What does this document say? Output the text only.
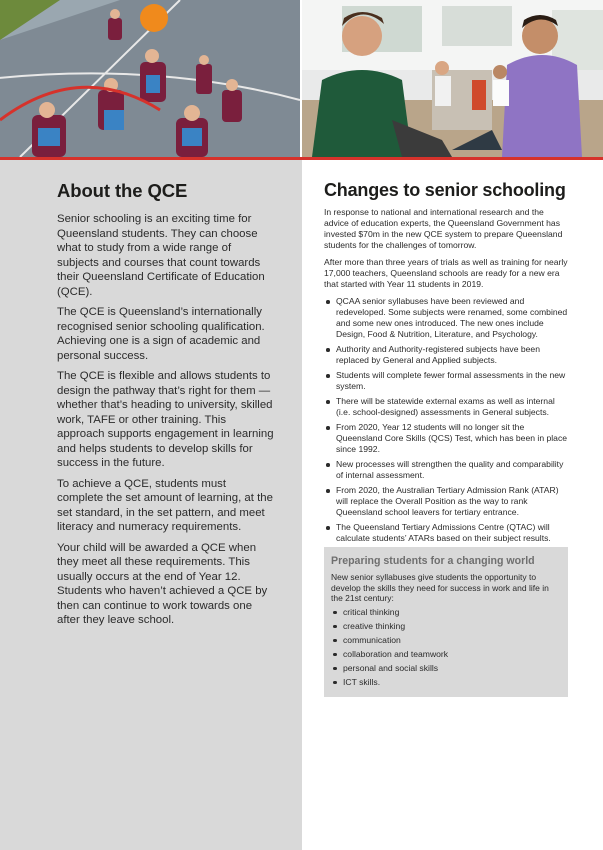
About the QCE

Senior schooling is an exciting time for Queensland students. They can choose what to study from a wide range of subjects and courses that count towards their Queensland Certificate of Education (QCE).

The QCE is Queensland’s internationally recognised senior schooling qualification. Achieving one is a sign of academic and personal success.

The QCE is flexible and allows students to design the pathway that’s right for them — whether that’s heading to university, skilled work, TAFE or other training. This approach supports engagement in learning and helps students to develop skills for success in the future.

To achieve a QCE, students must complete the set amount of learning, at the set standard, in the set pattern, and meet literacy and numeracy requirements.

Your child will be awarded a QCE when they meet all these requirements. This usually occurs at the end of Year 12. Students who haven’t achieved a QCE by then can continue to work towards one after they leave school.

Changes to senior schooling

In response to national and international research and the advice of education experts, the Queensland Government has invested $70m in the new QCE system to prepare Queensland students for the challenges of tomorrow.

After more than three years of trials as well as training for nearly 17,000 teachers, Queensland schools are ready for a new era that started with Year 11 students in 2019.

QCAA senior syllabuses have been reviewed and redeveloped. Some subjects were renamed, some combined and some new ones introduced. The new ones include Design, Food & Nutrition, Literature, and Psychology.
Authority and Authority-registered subjects have been replaced by General and Applied subjects.
Students will complete fewer formal assessments in the new system.
There will be statewide external exams as well as internal (i.e. school-designed) assessments in General subjects.
From 2020, Year 12 students will no longer sit the Queensland Core Skills (QCS) Test, which has been in place since 1992.
New processes will strengthen the quality and comparability of internal assessment.
From 2020, the Australian Tertiary Admission Rank (ATAR) will replace the Overall Position as the way to rank Queensland school leavers for tertiary entrance.
The Queensland Tertiary Admissions Centre (QTAC) will calculate students’ ATARs based on their subject results.
Preparing students for a changing world

New senior syllabuses give students the opportunity to develop the skills they need for success in work and life in the 21st century:

critical thinking
creative thinking
communication
collaboration and teamwork
personal and social skills
ICT skills.
